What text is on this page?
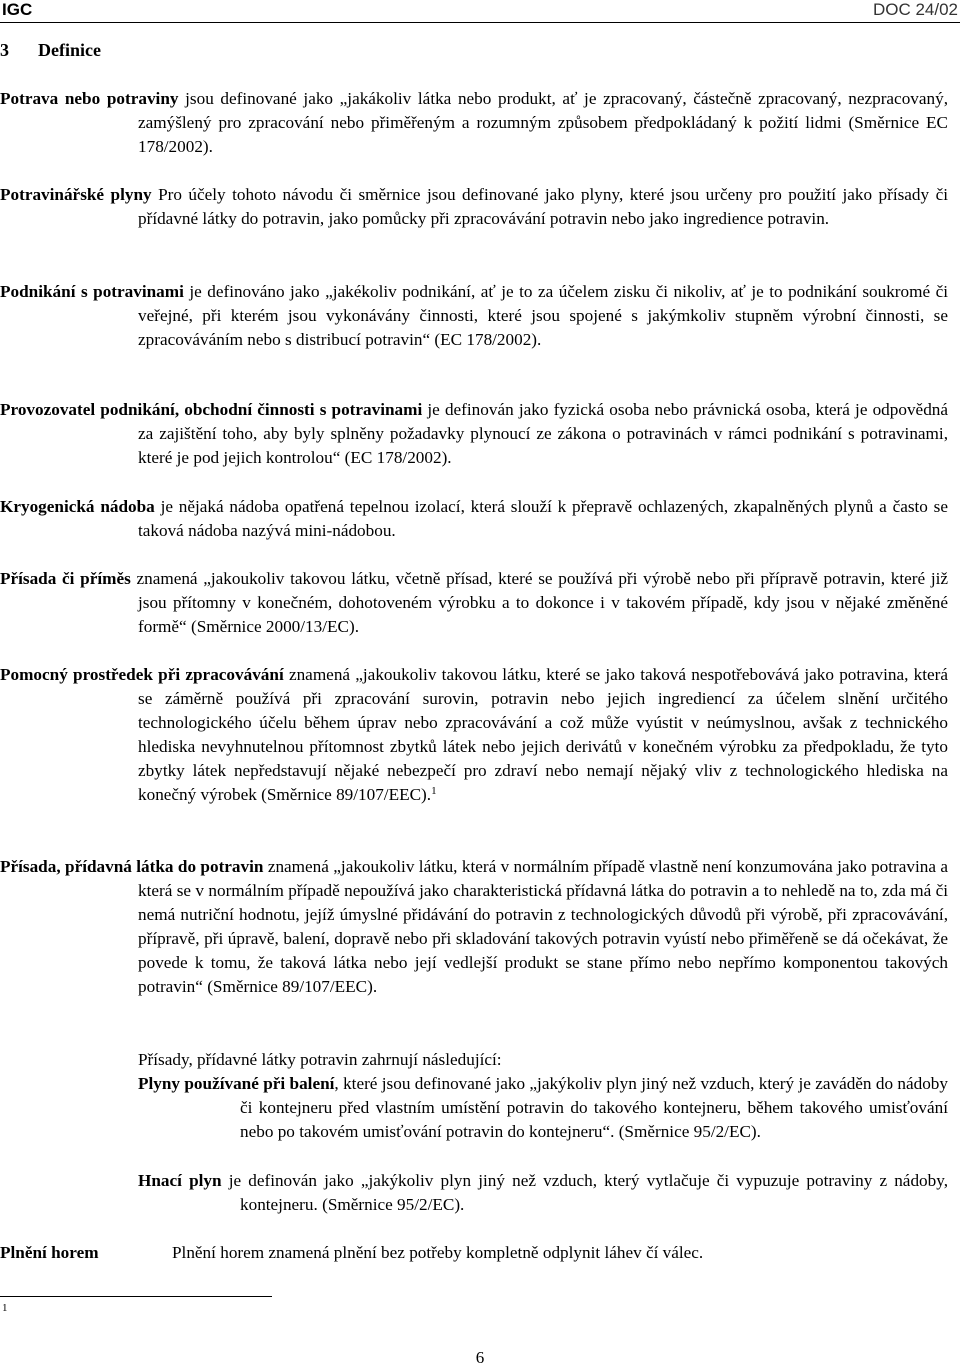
IGC	DOC 24/02
3 Definice
Potrava nebo potraviny jsou definované jako „jakákoliv látka nebo produkt, ať je zpracovaný, částečně zpracovaný, nezpracovaný, zamýšlený pro zpracování nebo přiměřeným a rozumným způsobem předpokládaný k požití lidmi (Směrnice EC 178/2002).
Potravinářské plyny Pro účely tohoto návodu či směrnice jsou definované jako plyny, které jsou určeny pro použití jako přísady či přídavné látky do potravin, jako pomůcky při zpracovávání potravin nebo jako ingredience potravin.
Podnikání s potravinami je definováno jako „jakékoliv podnikání, ať je to za účelem zisku či nikoliv, ať je to podnikání soukromé či veřejné, při kterém jsou vykonávány činnosti, které jsou spojené s jakýmkoliv stupněm výrobní činnosti, se zpracováváním nebo s distribucí potravin“ (EC 178/2002).
Provozovatel podnikání, obchodní činnosti s potravinami je definován jako fyzická osoba nebo právnická osoba, která je odpovědná za zajištění toho, aby byly splněny požadavky plynoucí ze zákona o potravinách v rámci podnikání s potravinami, které je pod jejich kontrolou“ (EC 178/2002).
Kryogenická nádoba je nějaká nádoba opatřená tepelnou izolací, která slouží k přepravě ochlazených, zkapalněných plynů a často se taková nádoba nazývá mini-nádobou.
Přísada či příměs znamená „jakoukoliv takovou látku, včetně přísad, které se používá při výrobě nebo při přípravě potravin, které již jsou přítomny v konečném, dohotoveném výrobku a to dokonce i v takovém případě, kdy jsou v nějaké změněné formě“ (Směrnice 2000/13/EC).
Pomocný prostředek při zpracovávání znamená „jakoukoliv takovou látku, které se jako taková nespotřebovává jako potravina, která se záměrně používá při zpracování surovin, potravin nebo jejich ingrediencí za účelem slnění určitého technologického účelu během úprav nebo zpracovávání a což může vyústit v neúmyslnou, avšak z technického hlediska nevyhnutelnou přítomnost zbytků látek nebo jejich derivátů v konečném výrobku za předpokladu, že tyto zbytky látek nepředstavují nějaké nebezpečí pro zdraví nebo nemají nějaký vliv z technologického hlediska na konečný výrobek (Směrnice 89/107/EEC).$^1$
Přísada, přídavná látka do potravin znamená „jakoukoliv látku, která v normálním případě vlastně není konzumována jako potravina a která se v normálním případě nepoužívá jako charakteristická přídavná látka do potravin a to nehledě na to, zda má či nemá nutriční hodnotu, jejíž úmyslné přidávání do potravin z technologických důvodů při výrobě, při zpracovávání, přípravě, při úpravě, balení, dopravě nebo při skladování takových potravin vyústí nebo přiměřeně se dá očekávat, že povede k tomu, že taková látka nebo její vedlejší produkt se stane přímo nebo nepřímo komponentou takových potravin“ (Směrnice 89/107/EEC).
Přísady, přídavné látky potravin zahrnují následující:
Plyny používané při balení, které jsou definované jako „jakýkoliv plyn jiný než vzduch, který je zaváděn do nádoby či kontejneru před vlastním umístění potravin do takového kontejneru, během takového umisťování nebo po takovém umisťování potravin do kontejneru“. (Směrnice 95/2/EC).
Hnací plyn je definován jako „jakýkoliv plyn jiný než vzduch, který vytlačuje či vypuzuje potraviny z nádoby, kontejneru. (Směrnice 95/2/EC).
Plnění horem	Plnění horem znamená plnění bez potřeby kompletně odplynit láhev čí válec.
1
6
